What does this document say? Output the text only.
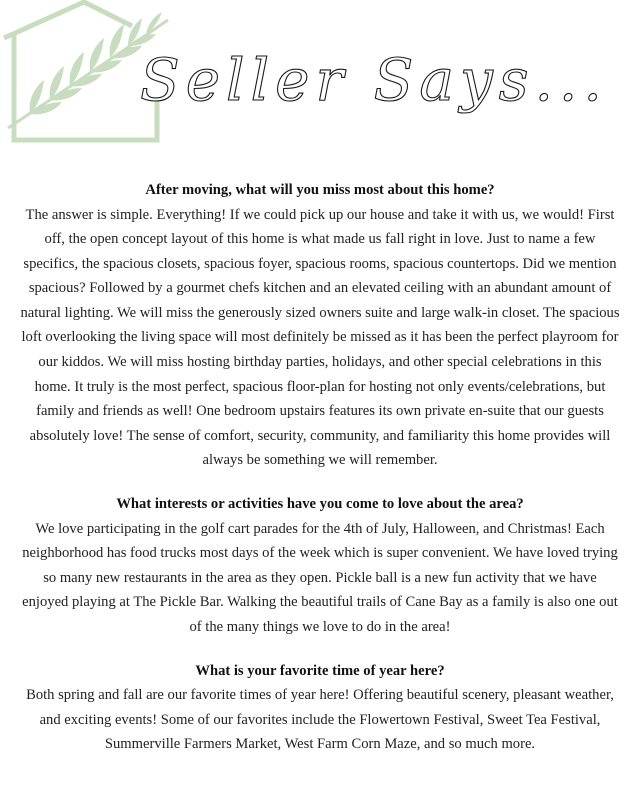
Seller Says...

After moving, what will you miss most about this home?

The answer is simple. Everything! If we could pick up our house and take it with us, we would! First off, the open concept layout of this home is what made us fall right in love. Just to name a few specifics, the spacious closets, spacious foyer, spacious rooms, spacious countertops. Did we mention spacious? Followed by a gourmet chefs kitchen and an elevated ceiling with an abundant amount of natural lighting. We will miss the generously sized owners suite and large walk-in closet. The spacious loft overlooking the living space will most definitely be missed as it has been the perfect playroom for our kiddos. We will miss hosting birthday parties, holidays, and other special celebrations in this home. It truly is the most perfect, spacious floor-plan for hosting not only events/celebrations, but family and friends as well! One bedroom upstairs features its own private en-suite that our guests absolutely love! The sense of comfort, security, community, and familiarity this home provides will always be something we will remember.

What interests or activities have you come to love about the area?

We love participating in the golf cart parades for the 4th of July, Halloween, and Christmas! Each neighborhood has food trucks most days of the week which is super convenient. We have loved trying so many new restaurants in the area as they open. Pickle ball is a new fun activity that we have enjoyed playing at The Pickle Bar. Walking the beautiful trails of Cane Bay as a family is also one out of the many things we love to do in the area!

What is your favorite time of year here?

Both spring and fall are our favorite times of year here! Offering beautiful scenery, pleasant weather, and exciting events! Some of our favorites include the Flowertown Festival, Sweet Tea Festival, Summerville Farmers Market, West Farm Corn Maze, and so much more.
